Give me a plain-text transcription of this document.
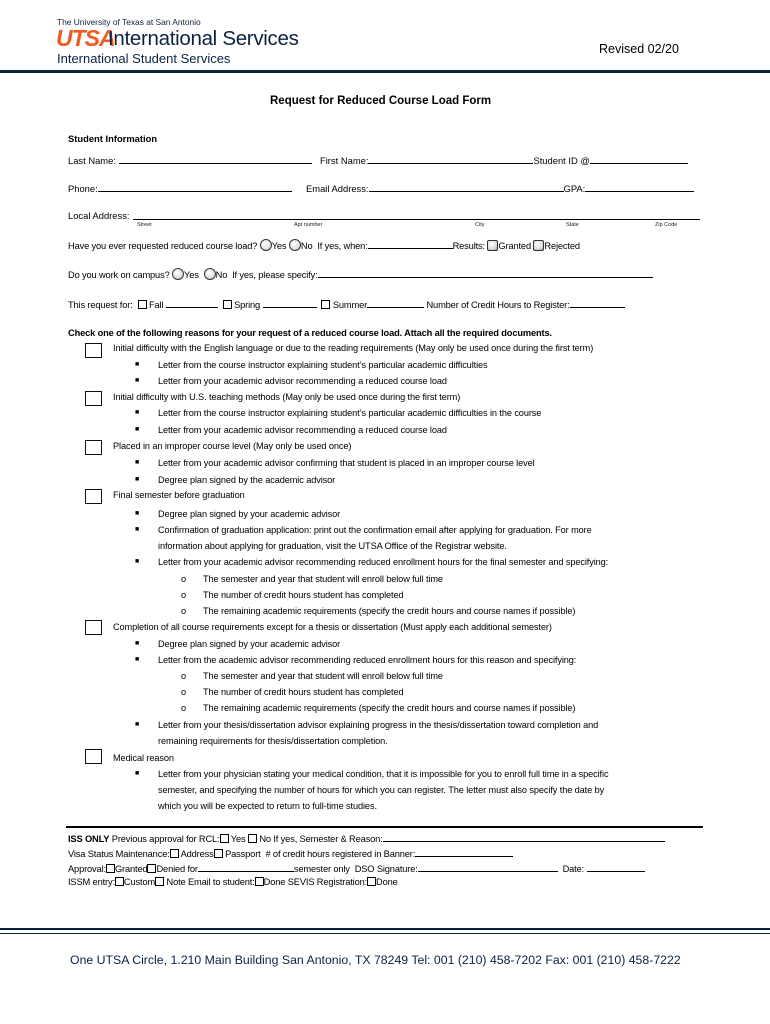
The University of Texas at San Antonio
UTSA
International Services
International Student Services
Revised 02/20
Request for Reduced Course Load Form
Student Information
Last Name:	First Name:	Student ID @
Phone:	Email Address:	GPA:
Local Address:
Street	Apt number	City	State	Zip Code
Have you ever requested reduced course load? Yes No If yes, when:	Results: Granted Rejected
Do you work on campus? Yes No If yes, please specify:
This request for: Fall	Spring	Summer	Number of Credit Hours to Register:
Check one of the following reasons for your request of a reduced course load. Attach all the required documents.
Initial difficulty with the English language or due to the reading requirements (May only be used once during the first term)
■ Letter from the course instructor explaining student’s particular academic difficulties
■ Letter from your academic advisor recommending a reduced course load
Initial difficulty with U.S. teaching methods (May only be used once during the first term)
■ Letter from the course instructor explaining student’s particular academic difficulties in the course
■ Letter from your academic advisor recommending a reduced course load
Placed in an improper course level (May only be used once)
■ Letter from your academic advisor confirming that student is placed in an improper course level
■ Degree plan signed by the academic advisor
Final semester before graduation
■ Degree plan signed by your academic advisor
■ Confirmation of graduation application: print out the confirmation email after applying for graduation. For more
information about applying for graduation, visit the UTSA Office of the Registrar website.
■ Letter from your academic advisor recommending reduced enrollment hours for the final semester and specifying:
o The semester and year that student will enroll below full time
o The number of credit hours student has completed
o The remaining academic requirements (specify the credit hours and course names if possible)
Completion of all course requirements except for a thesis or dissertation (Must apply each additional semester)
■ Degree plan signed by your academic advisor
■ Letter from the academic advisor recommending reduced enrollment hours for this reason and specifying:
o The semester and year that student will enroll below full time
o The number of credit hours student has completed
o The remaining academic requirements (specify the credit hours and course names if possible)
■ Letter from your thesis/dissertation advisor explaining progress in the thesis/dissertation toward completion and
remaining requirements for thesis/dissertation completion.
Medical reason
■ Letter from your physician stating your medical condition, that it is impossible for you to enroll full time in a specific
semester, and specifying the number of hours for which you can register. The letter must also specify the date by
which you will be expected to return to full-time studies.
ISS ONLY Previous approval for RCL: Yes No If yes, Semester & Reason:
Visa Status Maintenance: Address Passport # of credit hours registered in Banner:
Approval: Granted Denied for	semester only DSO Signature:	Date:
ISSM entry: Custom Note Email to student: Done SEVIS Registration: Done
One UTSA Circle, 1.210 Main Building San Antonio, TX 78249 Tel: 001 (210) 458-7202 Fax: 001 (210) 458-7222
